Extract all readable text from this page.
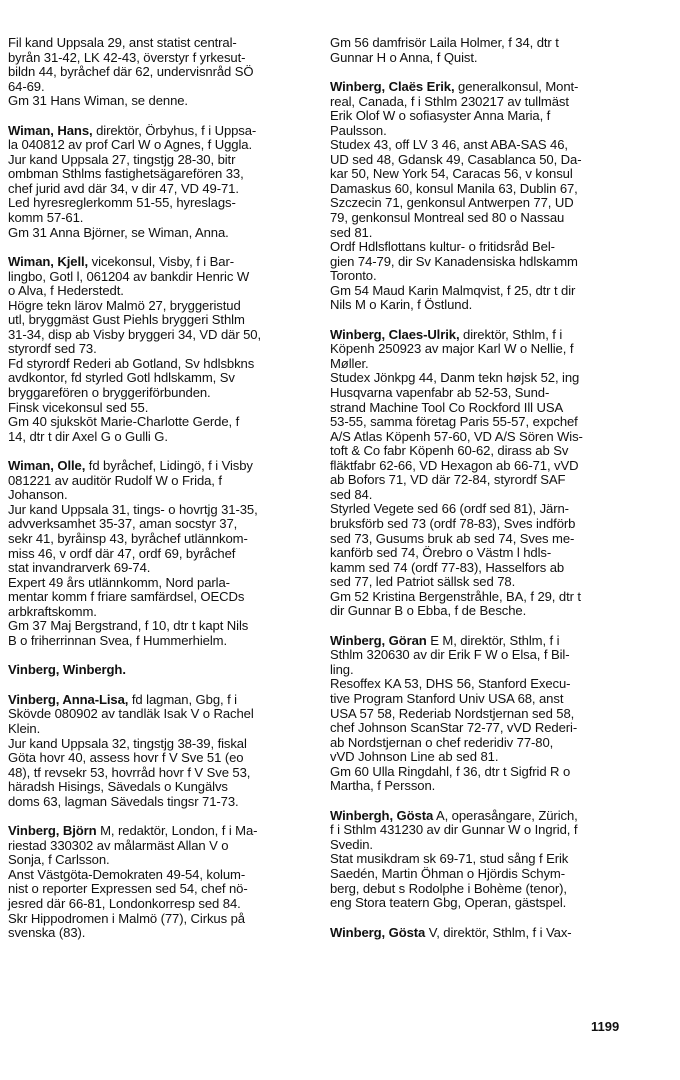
Fil kand Uppsala 29, anst statist central-
byrån 31-42, LK 42-43, överstyr f yrkesut-
bildn 44, byråchef där 62, undervisnråd SÖ
64-69.

Gm 31 Hans Wiman, se denne.

Wiman, Hans, direktör, Örbyhus, f i Uppsa-
la 040812 av prof Carl W o Agnes, f Uggla.

Jur kand Uppsala 27, tingstjg 28-30, bitr
ombman Sthlms fastighetsägarefören 33,
chef jurid avd där 34, v dir 47, VD 49-71.

Led hyresreglerkomm 51-55, hyreslags-
komm 57-61.

Gm 31 Anna Björner, se Wiman, Anna.

Wiman, Kjell, vicekonsul, Visby, f i Bar-
lingbo, Gotl l, 061204 av bankdir Henric W
o Alva, f Hederstedt.

Högre tekn lärov Malmö 27, bryggeristud
utl, bryggmäst Gust Piehls bryggeri Sthlm
31-34, disp ab Visby bryggeri 34, VD där 50,
styrordf sed 73.

Fd styrordf Rederi ab Gotland, Sv hdlsbkns
avdkontor, fd styrled Gotl hdlskamm, Sv
bryggarefören o bryggeriförbunden.

Finsk vicekonsul sed 55.

Gm 40 sjukskōt Marie-Charlotte Gerde, f
14, dtr t dir Axel G o Gulli G.

Wiman, Olle, fd byråchef, Lidingö, f i Visby
081221 av auditör Rudolf W o Frida, f
Johanson.

Jur kand Uppsala 31, tings- o hovrtjg 31-35,
advverksamhet 35-37, aman socstyr 37,
sekr 41, byråinsp 43, byråchef utlännkom-
miss 46, v ordf där 47, ordf 69, byråchef
stat invandrarverk 69-74.

Expert 49 års utlännkomm, Nord parla-
mentar komm f friare samfärdsel, OECDs
arbkraftskomm.

Gm 37 Maj Bergstrand, f 10, dtr t kapt Nils
B o friherrinnan Svea, f Hummerhielm.

Vinberg, Winbergh.

Vinberg, Anna-Lisa, fd lagman, Gbg, f i
Skövde 080902 av tandläk Isak V o Rachel
Klein.

Jur kand Uppsala 32, tingstjg 38-39, fiskal
Göta hovr 40, assess hovr f V Sve 51 (eo
48), tf revsekr 53, hovrråd hovr f V Sve 53,
häradsh Hisings, Sävedals o Kungälvs
doms 63, lagman Sävedals tingsr 71-73.

Vinberg, Björn M, redaktör, London, f i Ma-
riestad 330302 av målarmäst Allan V o
Sonja, f Carlsson.

Anst Västgöta-Demokraten 49-54, kolum-
nist o reporter Expressen sed 54, chef nö-
jesred där 66-81, Londonkorresp sed 84.

Skr Hippodromen i Malmö (77), Cirkus på
svenska (83).

Gm 56 damfrisör Laila Holmer, f 34, dtr t
Gunnar H o Anna, f Quist.

Winberg, Claës Erik, generalkonsul, Mont-
real, Canada, f i Sthlm 230217 av tullmäst
Erik Olof W o sofiasyster Anna Maria, f
Paulsson.

Studex 43, off LV 3 46, anst ABA-SAS 46,
UD sed 48, Gdansk 49, Casablanca 50, Da-
kar 50, New York 54, Caracas 56, v konsul
Damaskus 60, konsul Manila 63, Dublin 67,
Szczecin 71, genkonsul Antwerpen 77, UD
79, genkonsul Montreal sed 80 o Nassau
sed 81.

Ordf Hdlsflottans kultur- o fritidsråd Bel-
gien 74-79, dir Sv Kanadensiska hdlskamm
Toronto.

Gm 54 Maud Karin Malmqvist, f 25, dtr t dir
Nils M o Karin, f Östlund.

Winberg, Claes-Ulrik, direktör, Sthlm, f i
Köpenh 250923 av major Karl W o Nellie, f
Møller.

Studex Jönkpg 44, Danm tekn højsk 52, ing
Husqvarna vapenfabr ab 52-53, Sund-
strand Machine Tool Co Rockford Ill USA
53-55, samma företag Paris 55-57, expchef
A/S Atlas Köpenh 57-60, VD A/S Sören Wis-
toft & Co fabr Köpenh 60-62, dirass ab Sv
fläktfabr 62-66, VD Hexagon ab 66-71, vVD
ab Bofors 71, VD där 72-84, styrordf SAF
sed 84.

Styrled Vegete sed 66 (ordf sed 81), Järn-
bruksförb sed 73 (ordf 78-83), Sves indförb
sed 73, Gusums bruk ab sed 74, Sves me-
kanförb sed 74, Örebro o Västm l hdls-
kamm sed 74 (ordf 77-83), Hasselfors ab
sed 77, led Patriot sällsk sed 78.

Gm 52 Kristina Bergenstråhle, BA, f 29, dtr t
dir Gunnar B o Ebba, f de Besche.

Winberg, Göran E M, direktör, Sthlm, f i
Sthlm 320630 av dir Erik F W o Elsa, f Bil-
ling.

Resoffex KA 53, DHS 56, Stanford Execu-
tive Program Stanford Univ USA 68, anst
USA 57 58, Rederiab Nordstjernan sed 58,
chef Johnson ScanStar 72-77, vVD Rederi-
ab Nordstjernan o chef rederidiv 77-80,
vVD Johnson Line ab sed 81.

Gm 60 Ulla Ringdahl, f 36, dtr t Sigfrid R o
Martha, f Persson.

Winbergh, Gösta A, operasångare, Zürich,
f i Sthlm 431230 av dir Gunnar W o Ingrid, f
Svedin.

Stat musikdram sk 69-71, stud sång f Erik
Saedén, Martin Öhman o Hjördis Schym-
berg, debut s Rodolphe i Bohème (tenor),
eng Stora teatern Gbg, Operan, gästspel.

Winberg, Gösta V, direktör, Sthlm, f i Vax-

1199
